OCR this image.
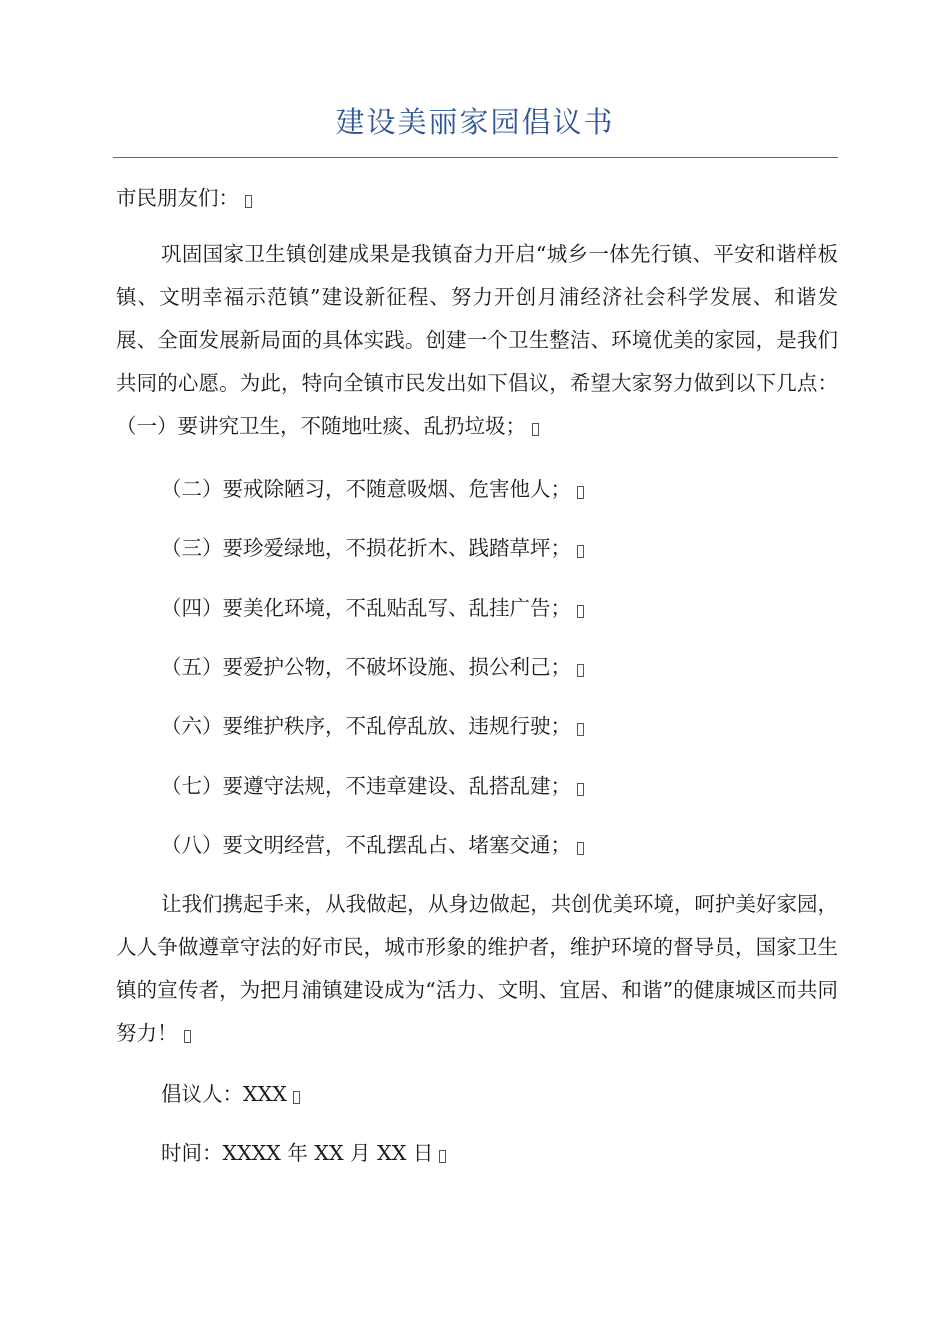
建设美丽家园倡议书
市民朋友们：
巩固国家卫生镇创建成果是我镇奋力开启“城乡一体先行镇、平安和谐样板镇、文明幸福示范镇”建设新征程、努力开创月浦经济社会科学发展、和谐发展、全面发展新局面的具体实践。创建一个卫生整洁、环境优美的家园，是我们共同的心愿。为此，特向全镇市民发出如下倡议，希望大家努力做到以下几点：（一）要讲究卫生，不随地吐痰、乱扔垃圾；
（二）要戒除陋习，不随意吸烟、危害他人；
（三）要珍爱绿地，不损花折木、践踏草坪；
（四）要美化环境，不乱贴乱写、乱挂广告；
（五）要爱护公物，不破坏设施、损公利己；
（六）要维护秩序，不乱停乱放、违规行驶；
（七）要遵守法规，不违章建设、乱搭乱建；
（八）要文明经营，不乱摆乱占、堵塞交通；
让我们携起手来，从我做起，从身边做起，共创优美环境，呵护美好家园，人人争做遵章守法的好市民，城市形象的维护者，维护环境的督导员，国家卫生镇的宣传者，为把月浦镇建设成为“活力、文明、宜居、和谐”的健康城区而共同努力！
倡议人：XXX
时间：XXXX 年 XX 月 XX 日
